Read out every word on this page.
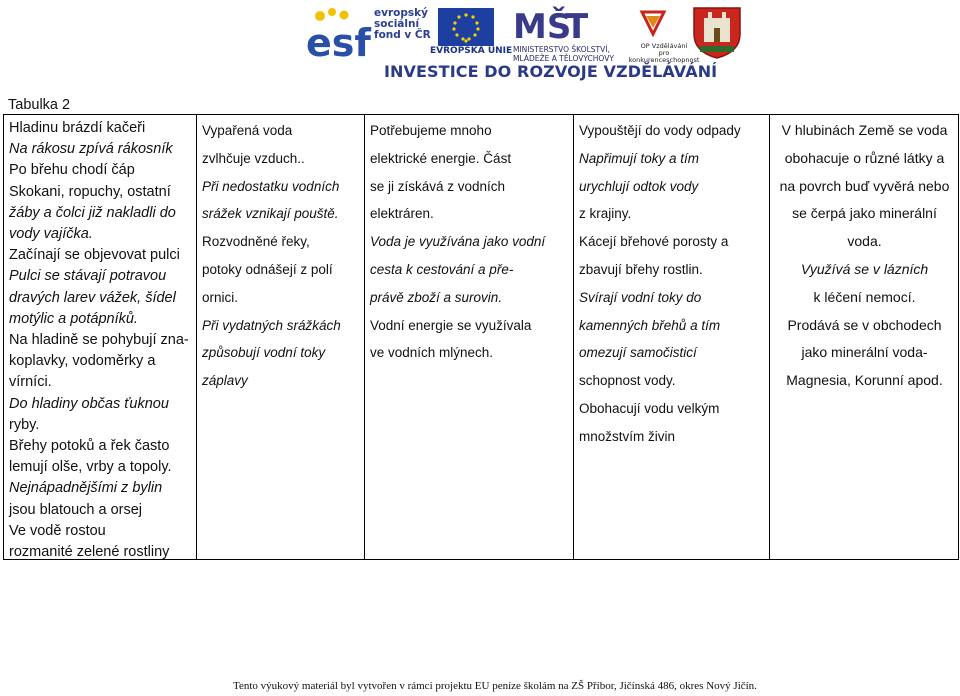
esf
evropský
sociální
fond v ČR
EVROPSKÁ UNIE
MŠ
T
MINISTERSTVO ŠKOLSTVÍ,
MLÁDEŽE A TĚLOVÝCHOVY
OP Vzdělávání
pro konkurenceschopnost
INVESTICE DO ROZVOJE VZDĚLÁVÁNÍ
Tabulka 2
Hladinu brázdí kačeři
Na rákosu zpívá rákosník
Po břehu chodí čáp
Skokani, ropuchy, ostatní
žáby a čolci již nakladli do
vody vajíčka.
Začínají se objevovat pulci
Pulci se stávají potravou
dravých larev vážek, šídel
motýlic a potápníků.
Na hladině se pohybují zna-
koplavky, vodoměrky a
vírníci.
Do hladiny občas ťuknou
ryby.
Břehy potoků a řek často
lemují olše, vrby a topoly.
Nejnápadnějšími z bylin
jsou blatouch a orsej
Ve vodě rostou
rozmanité zelené rostliny

Vypařená voda
zvlhčuje vzduch..
Při nedostatku vodních
srážek vznikají pouště.
Rozvodněné řeky,
potoky odnášejí z polí
ornici.
Při vydatných srážkách
způsobují vodní toky
záplavy

Potřebujeme mnoho
elektrické energie. Část
se ji získává z vodních
elektráren.
Voda je využívána jako vodní
cesta k cestování a pře-
právě zboží a surovin.
Vodní energie se využívala
ve vodních mlýnech.

Vypouštějí do vody odpady
Napřimují toky a tím
urychlují odtok vody
z krajiny.
Kácejí břehové porosty a
zbavují břehy rostlin.
Svírají vodní toky do
kamenných břehů a tím
omezují samočisticí
schopnost vody.
Obohacují vodu velkým
množstvím živin

V hlubinách Země se voda
obohacuje o různé látky a
na povrch buď vyvěrá nebo
se čerpá jako minerální
voda.
Využívá se v lázních
k léčení nemocí.
Prodává se v obchodech
jako minerální voda-
Magnesia, Korunní apod.
Tento výukový materiál byl vytvořen v rámci projektu EU peníze školám na ZŠ Příbor, Jičínská 486, okres Nový Jičín.
